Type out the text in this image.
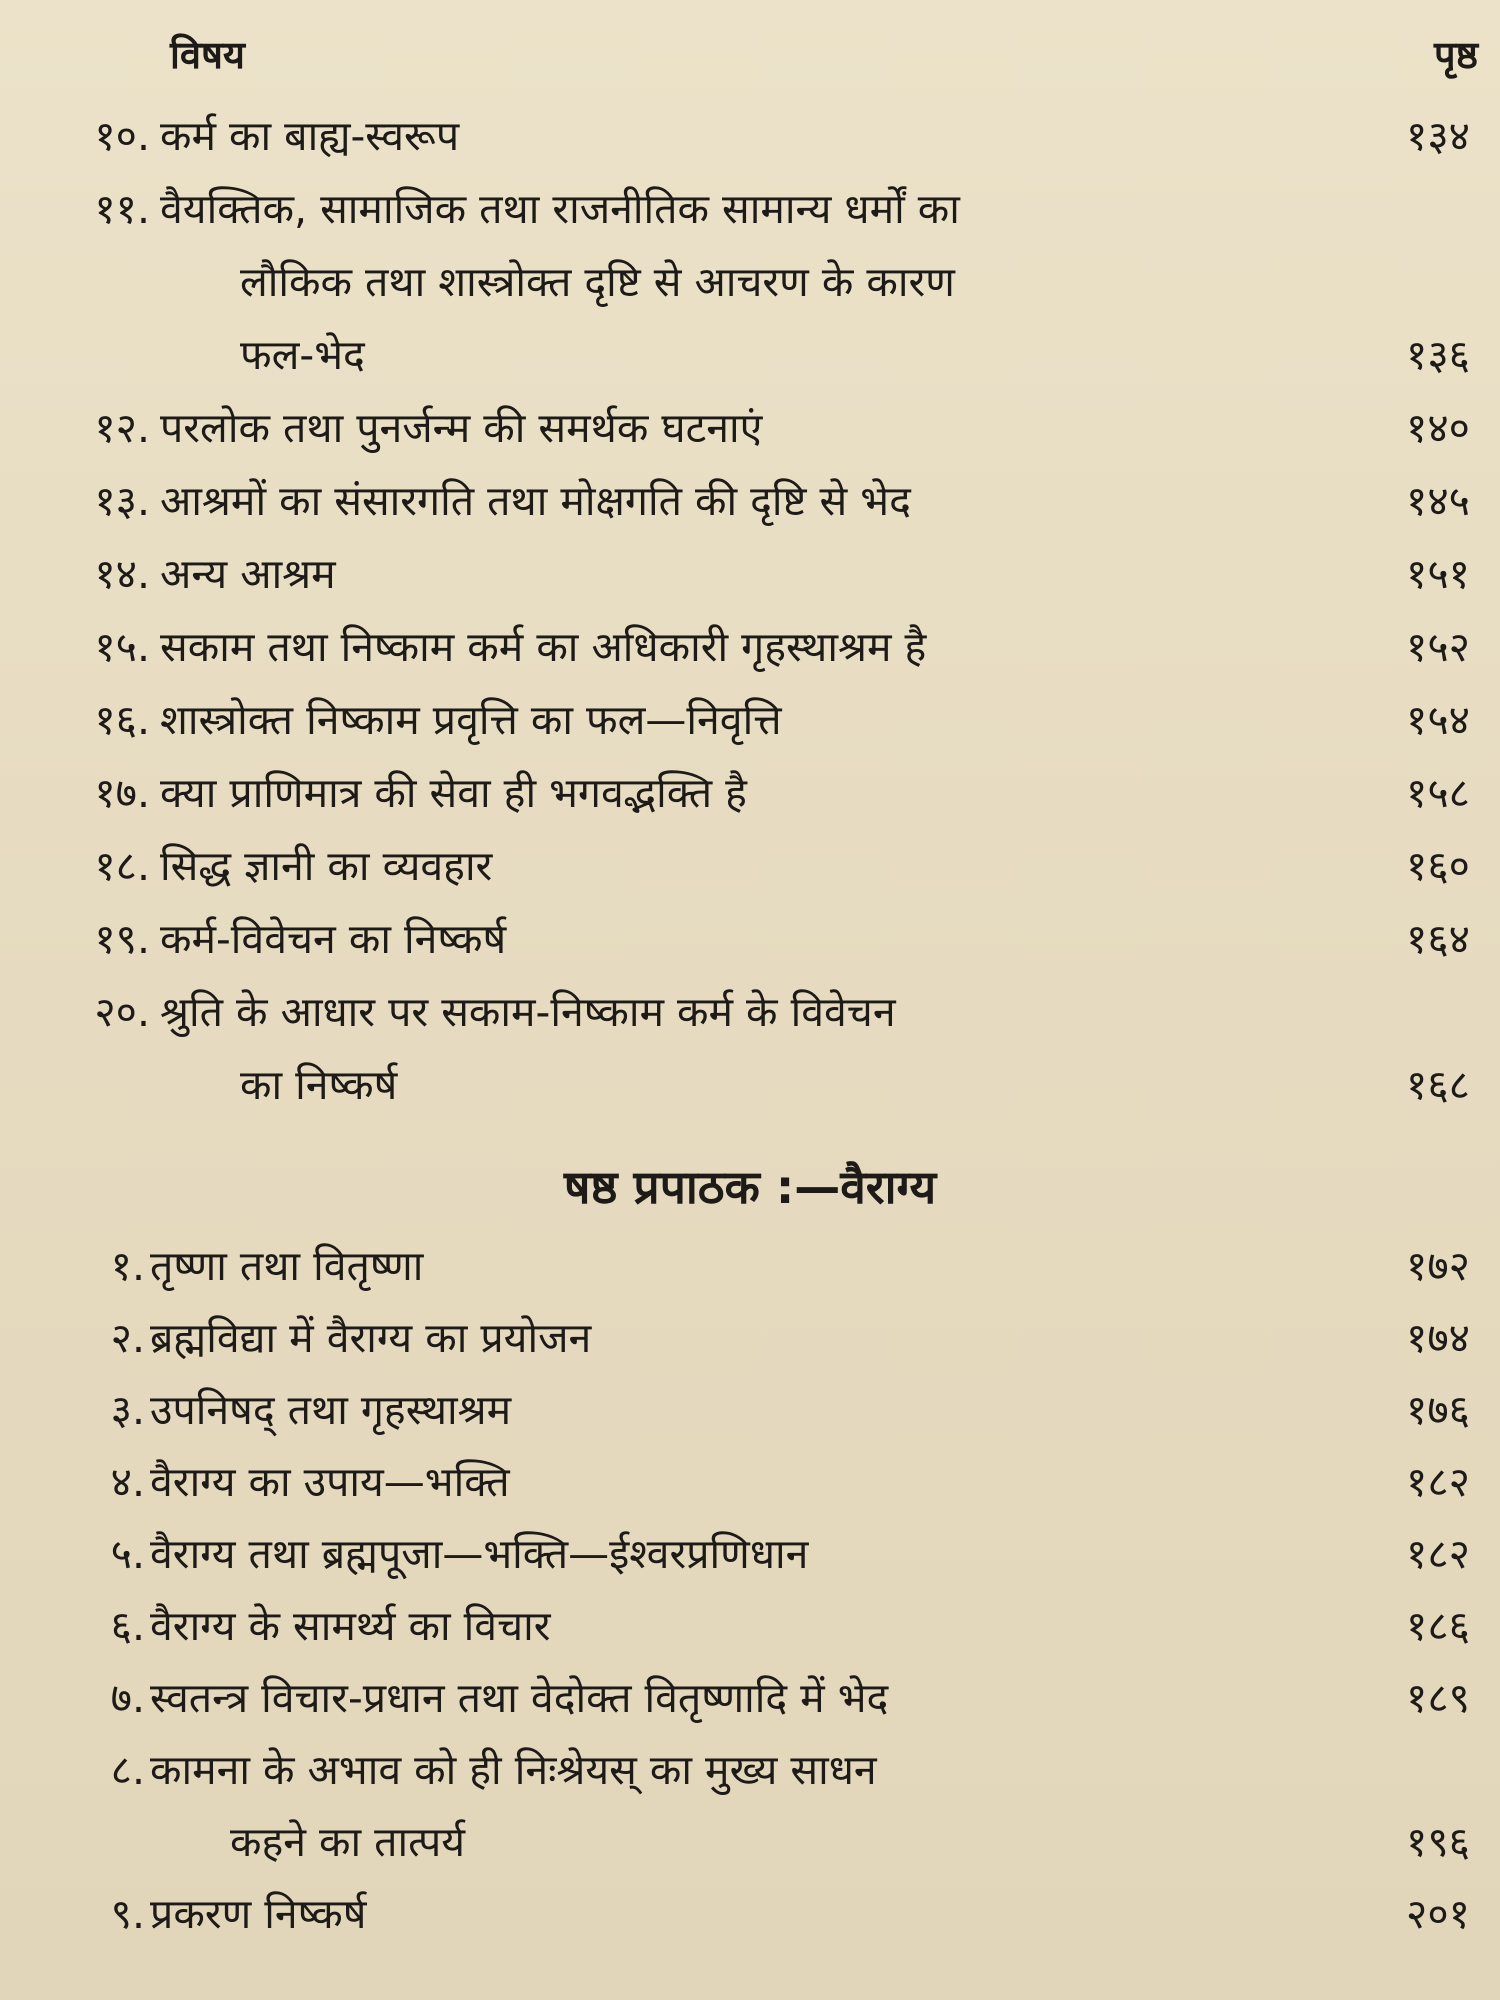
विषय	पृष्ठ
१०. कर्म का बाह्य-स्वरूप	१३४
११. वैयक्तिक, सामाजिक तथा राजनीतिक सामान्य धर्मों का
लौकिक तथा शास्त्रोक्त दृष्टि से आचरण के कारण
फल-भेद	१३६
१२. परलोक तथा पुनर्जन्म की समर्थक घटनाएं	१४०
१३. आश्रमों का संसारगति तथा मोक्षगति की दृष्टि से भेद	१४५
१४. अन्य आश्रम	१५१
१५. सकाम तथा निष्काम कर्म का अधिकारी गृहस्थाश्रम है	१५२
१६. शास्त्रोक्त निष्काम प्रवृत्ति का फल—निवृत्ति	१५४
१७. क्या प्राणिमात्र की सेवा ही भगवद्भक्ति है	१५८
१८. सिद्ध ज्ञानी का व्यवहार	१६०
१९. कर्म-विवेचन का निष्कर्ष	१६४
२०. श्रुति के आधार पर सकाम-निष्काम कर्म के विवेचन
का निष्कर्ष	१६८
षष्ठ प्रपाठक :—वैराग्य
१. तृष्णा तथा वितृष्णा	१७२
२. ब्रह्मविद्या में वैराग्य का प्रयोजन	१७४
३. उपनिषद् तथा गृहस्थाश्रम	१७६
४. वैराग्य का उपाय—भक्ति	१८२
५. वैराग्य तथा ब्रह्मपूजा—भक्ति—ईश्वरप्रणिधान	१८२
६. वैराग्य के सामर्थ्य का विचार	१८६
७. स्वतन्त्र विचार-प्रधान तथा वेदोक्त वितृष्णादि में भेद	१८९
८. कामना के अभाव को ही निःश्रेयस् का मुख्य साधन
कहने का तात्पर्य	१९६
९. प्रकरण निष्कर्ष	२०१
